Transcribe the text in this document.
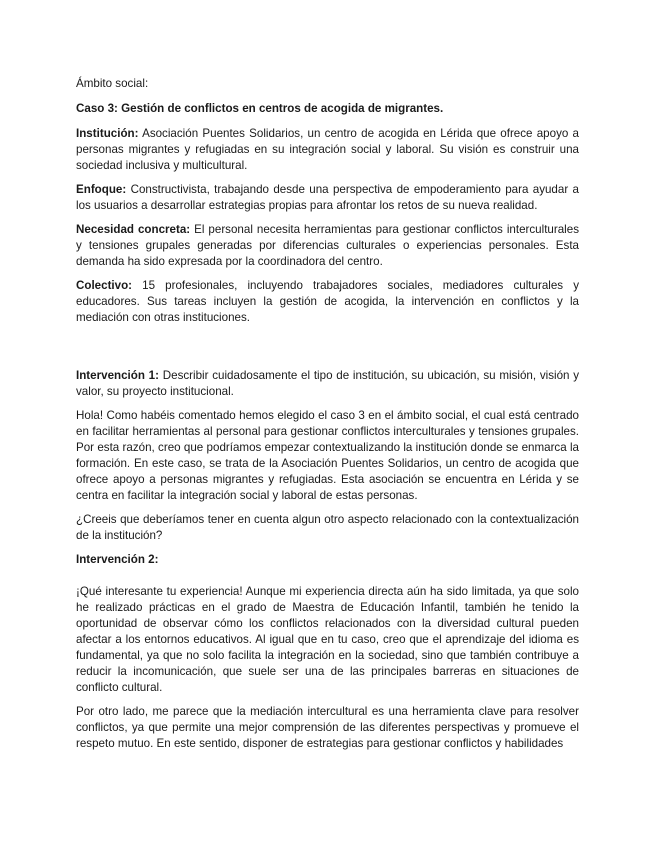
Ámbito social:

Caso 3: Gestión de conflictos en centros de acogida de migrantes.

Institución: Asociación Puentes Solidarios, un centro de acogida en Lérida que ofrece apoyo a personas migrantes y refugiadas en su integración social y laboral. Su visión es construir una sociedad inclusiva y multicultural.

Enfoque: Constructivista, trabajando desde una perspectiva de empoderamiento para ayudar a los usuarios a desarrollar estrategias propias para afrontar los retos de su nueva realidad.

Necesidad concreta: El personal necesita herramientas para gestionar conflictos interculturales y tensiones grupales generadas por diferencias culturales o experiencias personales. Esta demanda ha sido expresada por la coordinadora del centro.

Colectivo: 15 profesionales, incluyendo trabajadores sociales, mediadores culturales y educadores. Sus tareas incluyen la gestión de acogida, la intervención en conflictos y la mediación con otras instituciones.

Intervención 1: Describir cuidadosamente el tipo de institución, su ubicación, su misión, visión y valor, su proyecto institucional.

Hola! Como habéis comentado hemos elegido el caso 3 en el ámbito social, el cual está centrado en facilitar herramientas al personal para gestionar conflictos interculturales y tensiones grupales. Por esta razón, creo que podríamos empezar contextualizando la institución donde se enmarca la formación. En este caso, se trata de la Asociación Puentes Solidarios, un centro de acogida que ofrece apoyo a personas migrantes y refugiadas. Esta asociación se encuentra en Lérida y se centra en facilitar la integración social y laboral de estas personas.

¿Creeis que deberíamos tener en cuenta algun otro aspecto relacionado con la contextualización de la institución?

Intervención 2:

¡Qué interesante tu experiencia! Aunque mi experiencia directa aún ha sido limitada, ya que solo he realizado prácticas en el grado de Maestra de Educación Infantil, también he tenido la oportunidad de observar cómo los conflictos relacionados con la diversidad cultural pueden afectar a los entornos educativos. Al igual que en tu caso, creo que el aprendizaje del idioma es fundamental, ya que no solo facilita la integración en la sociedad, sino que también contribuye a reducir la incomunicación, que suele ser una de las principales barreras en situaciones de conflicto cultural.

Por otro lado, me parece que la mediación intercultural es una herramienta clave para resolver conflictos, ya que permite una mejor comprensión de las diferentes perspectivas y promueve el respeto mutuo. En este sentido, disponer de estrategias para gestionar conflictos y habilidades
